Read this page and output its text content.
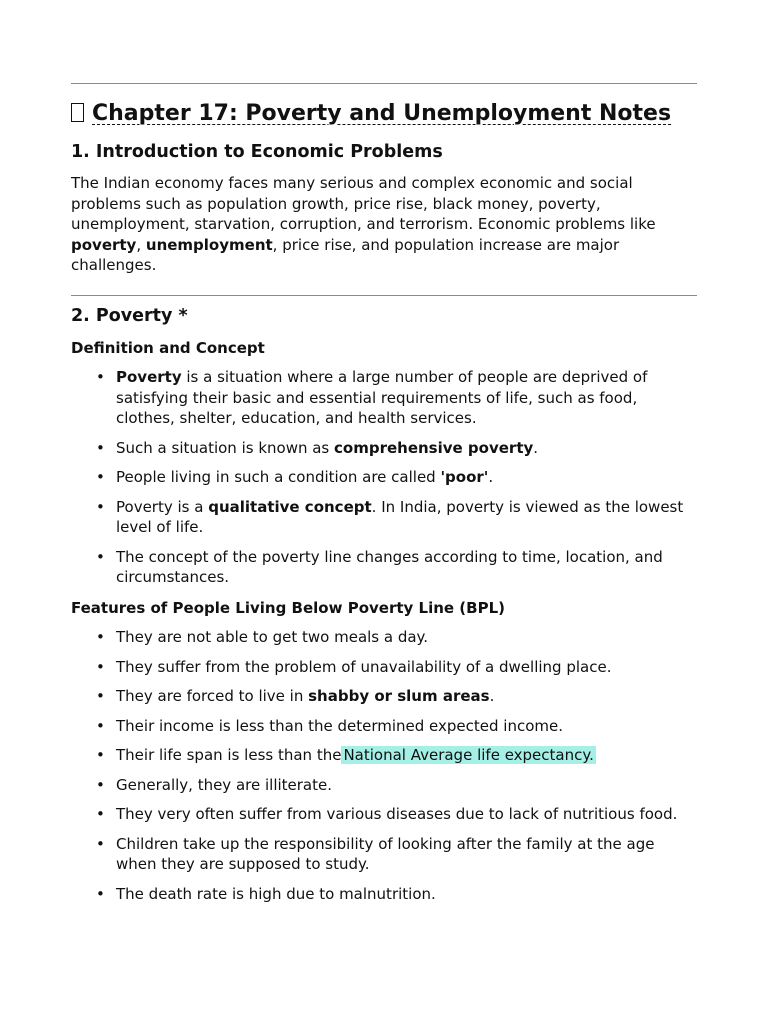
Chapter 17: Poverty and Unemployment Notes
1. Introduction to Economic Problems

The Indian economy faces many serious and complex economic and social
problems such as population growth, price rise, black money, poverty,
unemployment, starvation, corruption, and terrorism. Economic problems like
poverty, unemployment, price rise, and population increase are major
challenges.

2. Poverty *
Definition and Concept
• Poverty is a situation where a large number of people are deprived of
satisfying their basic and essential requirements of life, such as food,
clothes, shelter, education, and health services.
• Such a situation is known as comprehensive poverty.
• People living in such a condition are called 'poor'.
• Poverty is a qualitative concept. In India, poverty is viewed as the lowest
level of life.
• The concept of the poverty line changes according to time, location, and
circumstances.
Features of People Living Below Poverty Line (BPL)
• They are not able to get two meals a day.
• They suffer from the problem of unavailability of a dwelling place.
• They are forced to live in shabby or slum areas.
• Their income is less than the determined expected income.
• Their life span is less than the National Average life expectancy.
• Generally, they are illiterate.
• They very often suffer from various diseases due to lack of nutritious food.
• Children take up the responsibility of looking after the family at the age
when they are supposed to study.
• The death rate is high due to malnutrition.
